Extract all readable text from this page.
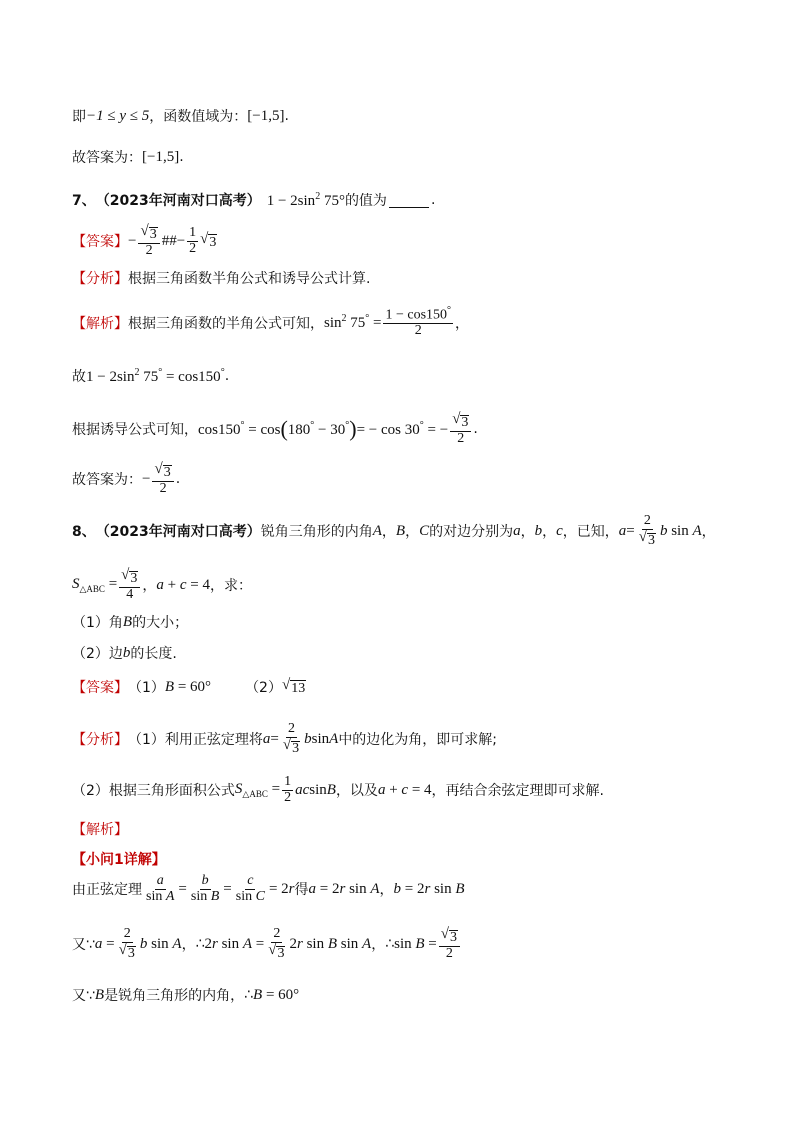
即 −1 ≤ y ≤ 5 ，函数值域为： [−1,5] .
故答案为： [−1,5] .
7、 （2023年河南对口高考） $1 - 2\sin^2$ 75° 的值为	.
【答案】 − $\frac{√ 3}{2}$ ## − $\frac{1}{2}$ √ 3
【分析】 根据三角函数半角公式和诱导公式计算.
【解析】 根据三角函数的半角公式可知， $\sin^2 75^\circ = \frac{1 - \cos 150^\circ}{2}$ ，
故 $1 - 2\sin^2$ 75° = cos150° .
根据诱导公式可知， cos150° = cos ( 180° − 30° ) = − cos 30° = − $\frac{√ 3}{2}$ .
故答案为： − $\frac{√ 3}{2}$ .
8、 （2023年河南对口高考） 锐角三角形的内角 A ， B ， C 的对边分别为 a ， b ， c ，已知， $a = \frac{2}{√ 3}$ b sin A ，
$S_{\triangle ABC} = \frac{√ 3}{4}$ ， a + c = 4 ，求：
（1）角 B 的大小；
（2）边 b 的长度.
【答案】 （1） B = 60° （2） √ 13
【分析】 （1）利用正弦定理将 $a = \frac{2}{√ 3}$ bsinA 中的边化为角，即可求解;
（2）根据三角形面积公式 $S_{\triangle ABC} = \frac{1}{2}$ acsinB ，以及 a + c = 4 ，再结合余弦定理即可求解.
【解析】
【小问1详解】
由正弦定理 $\frac{a}{\text{sin A}} = \frac{b}{\text{sin B}} = \frac{c}{\text{sin C}} = 2r$ 得 a = 2r sin A ， b = 2r sin B
又∵ $a = \frac{2}{√ 3}$ b sin A ， ∴ 2r $\sin A = \frac{2}{√ 3} 2r$ sin B sin A ， ∴ $\sin B = \frac{√ 3}{2}$
又∵ B 是锐角三角形的内角， ∴ B = 60°
